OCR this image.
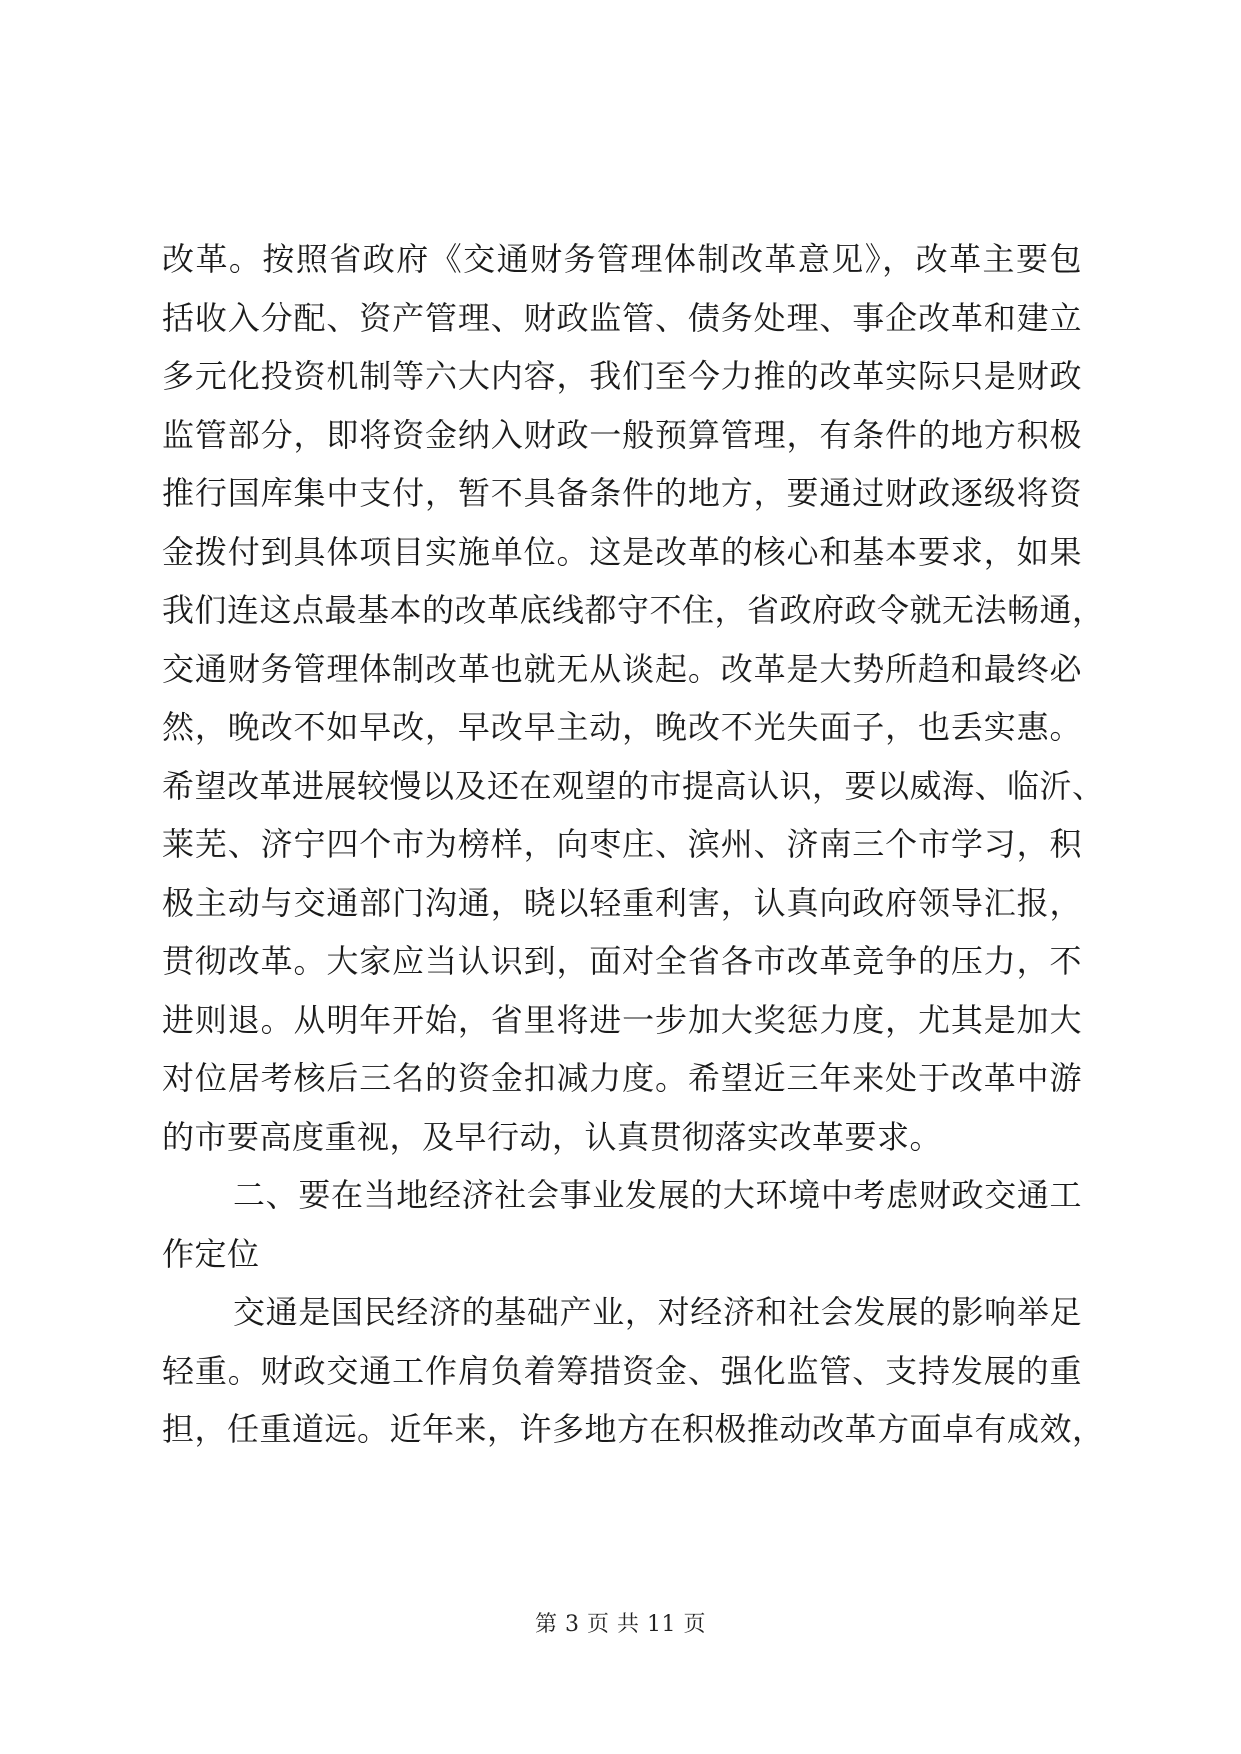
改革。按照省政府《交通财务管理体制改革意见》，改革主要包
括收入分配、资产管理、财政监管、债务处理、事企改革和建立
多元化投资机制等六大内容，我们至今力推的改革实际只是财政
监管部分，即将资金纳入财政一般预算管理，有条件的地方积极
推行国库集中支付，暂不具备条件的地方，要通过财政逐级将资
金拨付到具体项目实施单位。这是改革的核心和基本要求，如果
我们连这点最基本的改革底线都守不住，省政府政令就无法畅通，
交通财务管理体制改革也就无从谈起。改革是大势所趋和最终必
然，晚改不如早改，早改早主动，晚改不光失面子，也丢实惠。
希望改革进展较慢以及还在观望的市提高认识，要以威海、临沂、
莱芜、济宁四个市为榜样，向枣庄、滨州、济南三个市学习，积
极主动与交通部门沟通，晓以轻重利害，认真向政府领导汇报，
贯彻改革。大家应当认识到，面对全省各市改革竞争的压力，不
进则退。从明年开始，省里将进一步加大奖惩力度，尤其是加大
对位居考核后三名的资金扣减力度。希望近三年来处于改革中游
的市要高度重视，及早行动，认真贯彻落实改革要求。
二、要在当地经济社会事业发展的大环境中考虑财政交通工
作定位
交通是国民经济的基础产业，对经济和社会发展的影响举足
轻重。财政交通工作肩负着筹措资金、强化监管、支持发展的重
担，任重道远。近年来，许多地方在积极推动改革方面卓有成效，
第 3 页 共 11 页
